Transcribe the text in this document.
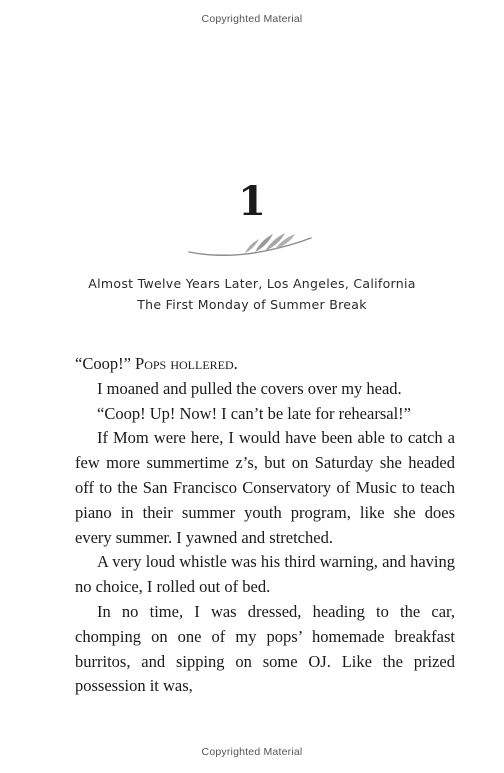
Copyrighted Material
1
Almost Twelve Years Later, Los Angeles, California
The First Monday of Summer Break

“Coop!” Pops hollered.

I moaned and pulled the covers over my head.

“Coop! Up! Now! I can’t be late for rehearsal!”

If Mom were here, I would have been able to catch a few more summertime z’s, but on Saturday she headed off to the San Francisco Conservatory of Music to teach piano in their summer youth program, like she does every summer. I yawned and stretched.

A very loud whistle was his third warning, and having no choice, I rolled out of bed.

In no time, I was dressed, heading to the car, chomping on one of my pops’ homemade breakfast burritos, and sipping on some OJ. Like the prized possession it was,

Copyrighted Material
